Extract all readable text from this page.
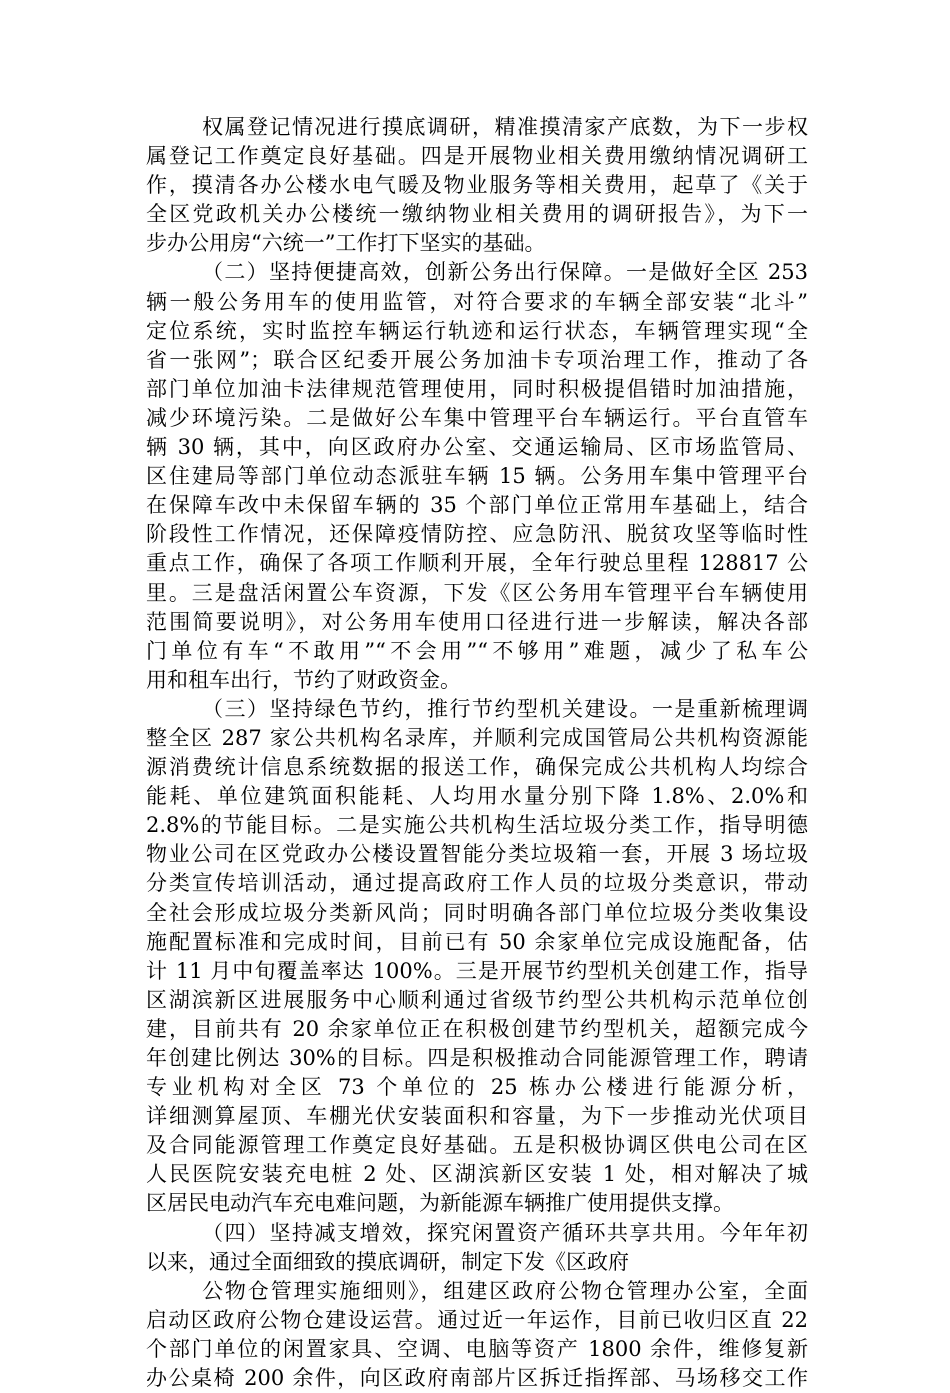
权属登记情况进行摸底调研，精准摸清家产底数，为下一步权
属登记工作奠定良好基础。四是开展物业相关费用缴纳情况调研工
作，摸清各办公楼水电气暖及物业服务等相关费用，起草了《关于
全区党政机关办公楼统一缴纳物业相关费用的调研报告》，为下一
步办公用房“六统一”工作打下坚实的基础。
（二）坚持便捷高效，创新公务出行保障。一是做好全区 253
辆一般公务用车的使用监管，对符合要求的车辆全部安装“北斗”
定位系统，实时监控车辆运行轨迹和运行状态，车辆管理实现“全
省一张网”；联合区纪委开展公务加油卡专项治理工作，推动了各
部门单位加油卡法律规范管理使用，同时积极提倡错时加油措施，
减少环境污染。二是做好公车集中管理平台车辆运行。平台直管车
辆 30 辆，其中，向区政府办公室、交通运输局、区市场监管局、
区住建局等部门单位动态派驻车辆 15 辆。公务用车集中管理平台
在保障车改中未保留车辆的 35 个部门单位正常用车基础上，结合
阶段性工作情况，还保障疫情防控、应急防汛、脱贫攻坚等临时性
重点工作，确保了各项工作顺利开展，全年行驶总里程 128817 公
里。三是盘活闲置公车资源，下发《区公务用车管理平台车辆使用
范围简要说明》，对公务用车使用口径进行进一步解读，解决各部
门单位有车“不敢用”“不会用”“不够用”难题，减少了私车公
用和租车出行，节约了财政资金。
（三）坚持绿色节约，推行节约型机关建设。一是重新梳理调
整全区 287 家公共机构名录库，并顺利完成国管局公共机构资源能
源消费统计信息系统数据的报送工作，确保完成公共机构人均综合
能耗、单位建筑面积能耗、人均用水量分别下降 1.8%、2.0%和
2.8%的节能目标。二是实施公共机构生活垃圾分类工作，指导明德
物业公司在区党政办公楼设置智能分类垃圾箱一套，开展 3 场垃圾
分类宣传培训活动，通过提高政府工作人员的垃圾分类意识，带动
全社会形成垃圾分类新风尚；同时明确各部门单位垃圾分类收集设
施配置标准和完成时间，目前已有 50 余家单位完成设施配备，估
计 11 月中旬覆盖率达 100%。三是开展节约型机关创建工作，指导
区湖滨新区进展服务中心顺利通过省级节约型公共机构示范单位创
建，目前共有 20 余家单位正在积极创建节约型机关，超额完成今
年创建比例达 30%的目标。四是积极推动合同能源管理工作，聘请
专业机构对全区 73 个单位的 25 栋办公楼进行能源分析，
详细测算屋顶、车棚光伏安装面积和容量，为下一步推动光伏项目
及合同能源管理工作奠定良好基础。五是积极协调区供电公司在区
人民医院安装充电桩 2 处、区湖滨新区安装 1 处，相对解决了城
区居民电动汽车充电难问题，为新能源车辆推广使用提供支撑。
（四）坚持减支增效，探究闲置资产循环共享共用。今年年初
以来，通过全面细致的摸底调研，制定下发《区政府
公物仓管理实施细则》，组建区政府公物仓管理办公室，全面
启动区政府公物仓建设运营。通过近一年运作，目前已收归区直 22
个部门单位的闲置家具、空调、电脑等资产 1800 余件，维修复新
办公桌椅 200 余件，向区政府南部片区拆迁指挥部、马场移交工作
